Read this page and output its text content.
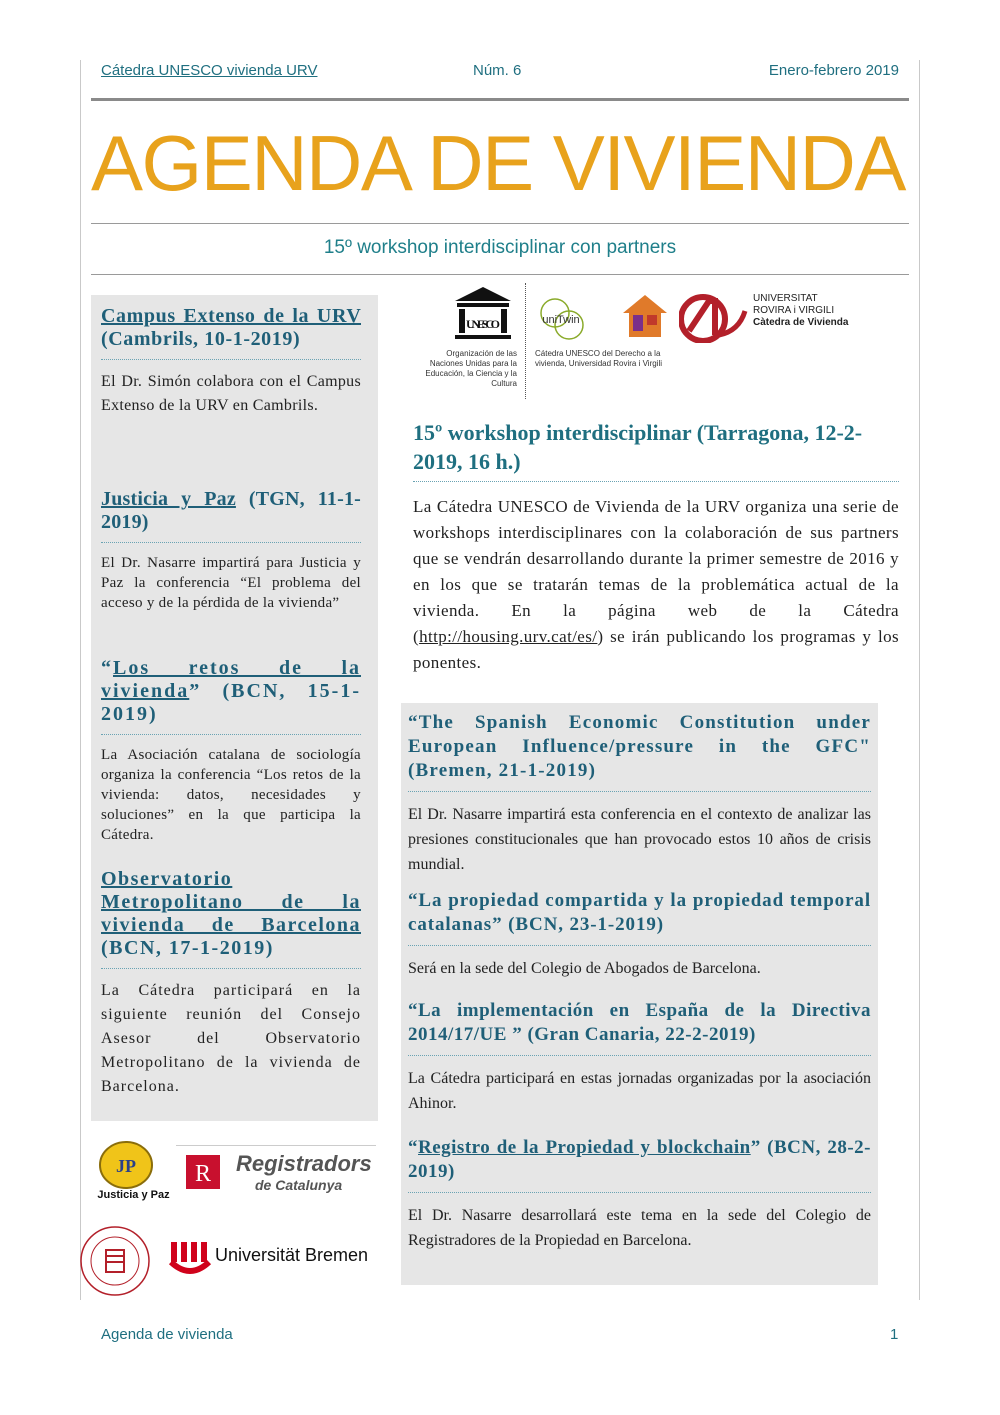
Cátedra UNESCO vivienda URV	Núm. 6	Enero-febrero 2019
AGENDA DE VIVIENDA
15º workshop interdisciplinar con partners
Campus Extenso de la URV (Cambrils, 10-1-2019)
El Dr. Simón colabora con el Campus Extenso de la URV en Cambrils.
Justicia y Paz (TGN, 11-1-2019)
El Dr. Nasarre impartirá para Justicia y Paz la conferencia “El problema del acceso y de la pérdida de la vivienda”
“Los retos de la vivienda” (BCN, 15-1-2019)
La Asociación catalana de sociología organiza la conferencia “Los retos de la vivienda: datos, necesidades y soluciones” en la que participa la Cátedra.
Observatorio Metropolitano de la vivienda de Barcelona (BCN, 17-1-2019)
La Cátedra participará en la siguiente reunión del Consejo Asesor del Observatorio Metropolitano de la vivienda de Barcelona.
UNESCO
Organización de las Naciones Unidas para la Educación, la Ciencia y la Cultura
uniTwin
Cátedra UNESCO del Derecho a la vivienda, Universidad Rovira i Virgili
UNIVERSITAT
ROVIRA i VIRGILI
Càtedra de Vivienda
15º workshop interdisciplinar (Tarragona, 12-2-2019, 16 h.)
La Cátedra UNESCO de Vivienda de la URV organiza una serie de workshops interdisciplinares con la colaboración de sus partners que se vendrán desarrollando durante la primer semestre de 2016 y en los que se tratarán temas de la problemática actual de la vivienda. En la página web de la Cátedra (http://housing.urv.cat/es/) se irán publicando los programas y los ponentes.
“The Spanish Economic Constitution under European Influence/pressure in the GFC" (Bremen, 21-1-2019)
El Dr. Nasarre impartirá esta conferencia en el contexto de analizar las presiones constitucionales que han provocado estos 10 años de crisis mundial.
“La propiedad compartida y la propiedad temporal catalanas” (BCN, 23-1-2019)
Será en la sede del Colegio de Abogados de Barcelona.
“La implementación en España de la Directiva 2014/17/UE ” (Gran Canaria, 22-2-2019)
La Cátedra participará en estas jornadas organizadas por la asociación Ahinor.
“Registro de la Propiedad y blockchain” (BCN, 28-2-2019)
El Dr. Nasarre desarrollará este tema en la sede del Colegio de Registradores de la Propiedad en Barcelona.
JP
Justicia y Paz
R Registradors
de Catalunya
Universität Bremen
Agenda de vivienda	1
